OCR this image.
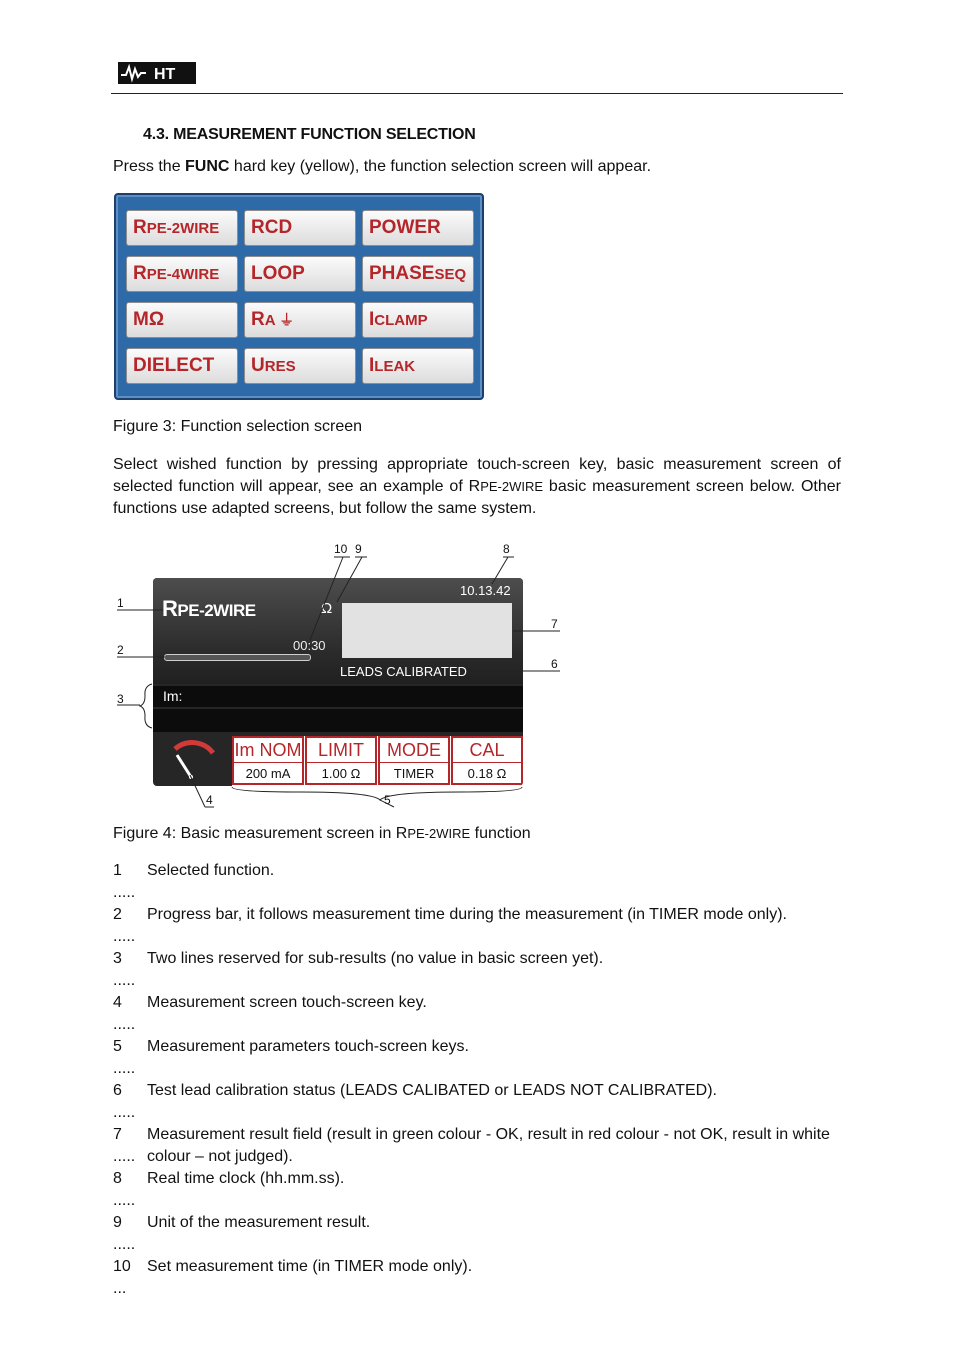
HT
4.3. MEASUREMENT FUNCTION SELECTION
Press the FUNC hard key (yellow), the function selection screen will appear.
RPE-2WIRE	RCD	POWER
RPE-4WIRE	LOOP	PHASESEQ
MΩ	RA ⏚	ICLAMP
DIELECT	URES	ILEAK
Figure 3: Function selection screen
Select wished function by pressing appropriate touch-screen key, basic measurement screen of selected function will appear, see an example of RPE-2WIRE basic measurement screen below. Other functions use adapted screens, but follow the same system.
10.13.42
RPE-2WIRE	Ω
00:30
LEADS CALIBRATED
Im:
Im NOM
200 mA
LIMIT
1.00 Ω
MODE
TIMER
CAL
0.18 Ω
10 9	8
1
7
2
6
3
4	5
Figure 4: Basic measurement screen in RPE-2WIRE function
1 .....
Selected function.
2 .....
Progress bar, it follows measurement time during the measurement (in TIMER mode only).
3 .....
Two lines reserved for sub-results (no value in basic screen yet).
4 .....
Measurement screen touch-screen key.
5 .....
Measurement parameters touch-screen keys.
6 .....
Test lead calibration status (LEADS CALIBATED or LEADS NOT CALIBRATED).
7 .....
Measurement result field (result in green colour - OK, result in red colour - not OK, result in white colour – not judged).
8 .....
Real time clock (hh.mm.ss).
9 .....
Unit of the measurement result.
10 ...
Set measurement time (in TIMER mode only).
